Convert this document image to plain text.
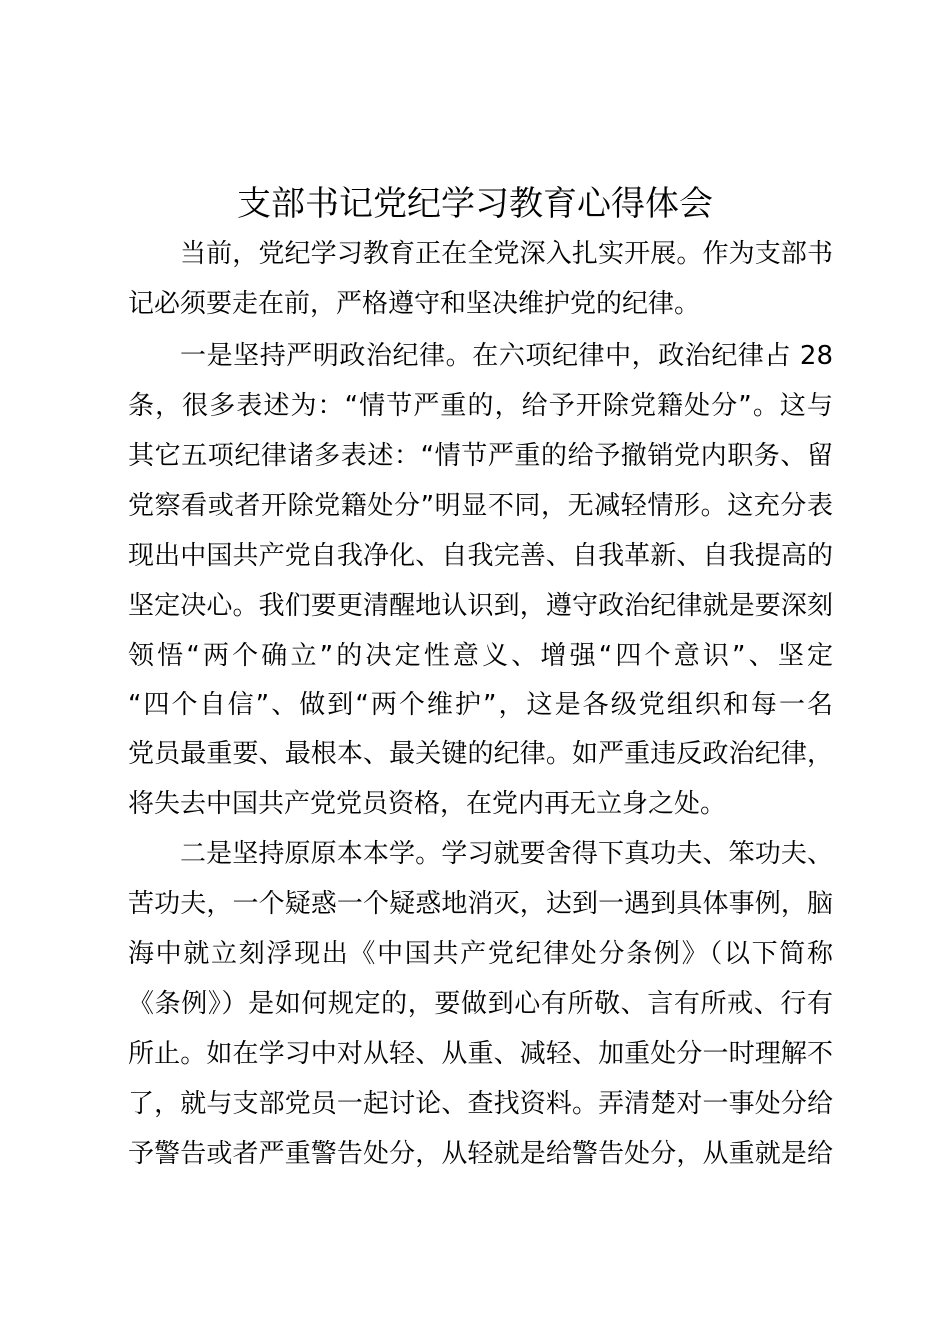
支部书记党纪学习教育心得体会
当前，党纪学习教育正在全党深入扎实开展。作为支部书
记必须要走在前，严格遵守和坚决维护党的纪律。
一是坚持严明政治纪律。在六项纪律中，政治纪律占 28
条，很多表述为：“情节严重的，给予开除党籍处分”。这与
其它五项纪律诸多表述：“情节严重的给予撤销党内职务、留
党察看或者开除党籍处分”明显不同，无减轻情形。这充分表
现出中国共产党自我净化、自我完善、自我革新、自我提高的
坚定决心。我们要更清醒地认识到，遵守政治纪律就是要深刻
领悟“两个确立”的决定性意义、增强“四个意识”、坚定
“四个自信”、做到“两个维护”，这是各级党组织和每一名
党员最重要、最根本、最关键的纪律。如严重违反政治纪律，
将失去中国共产党党员资格，在党内再无立身之处。
二是坚持原原本本学。学习就要舍得下真功夫、笨功夫、
苦功夫，一个疑惑一个疑惑地消灭，达到一遇到具体事例，脑
海中就立刻浮现出《中国共产党纪律处分条例》（以下简称
《条例》）是如何规定的，要做到心有所敬、言有所戒、行有
所止。如在学习中对从轻、从重、减轻、加重处分一时理解不
了，就与支部党员一起讨论、查找资料。弄清楚对一事处分给
予警告或者严重警告处分，从轻就是给警告处分，从重就是给
